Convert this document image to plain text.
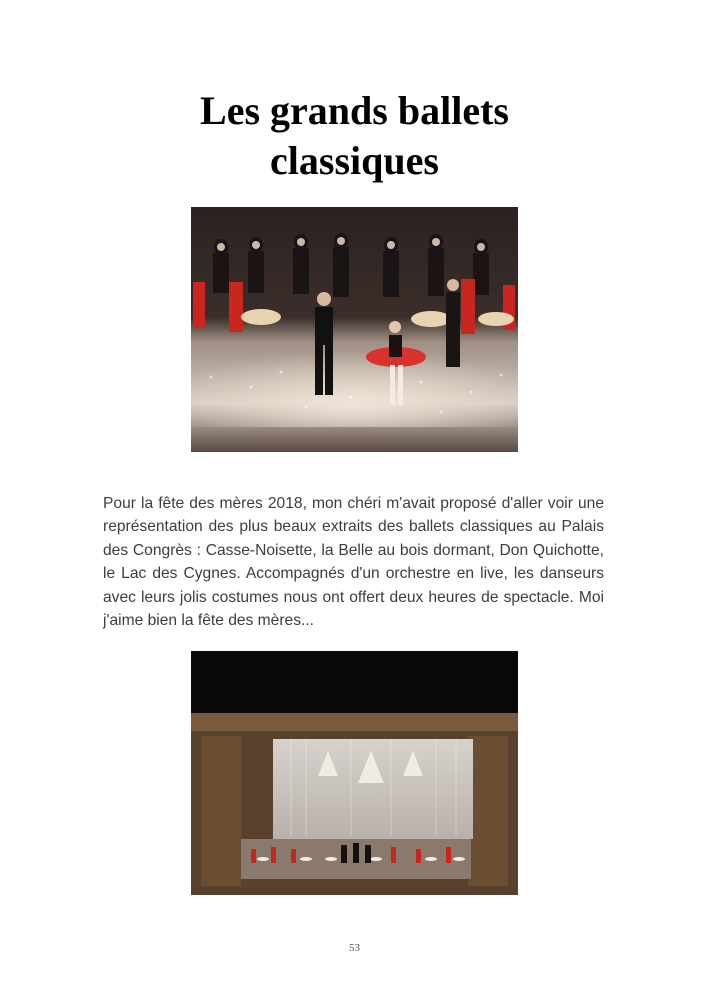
Les grands ballets
classiques
Pour la fête des mères 2018, mon chéri m'avait proposé d'aller voir une représentation des plus beaux extraits des ballets classiques au Palais des Congrès : Casse-Noisette, la Belle au bois dormant, Don Quichotte, le Lac des Cygnes. Accompagnés d'un orchestre en live, les danseurs avec leurs jolis costumes nous ont offert deux heures de spectacle. Moi j'aime bien la fête des mères...
53
